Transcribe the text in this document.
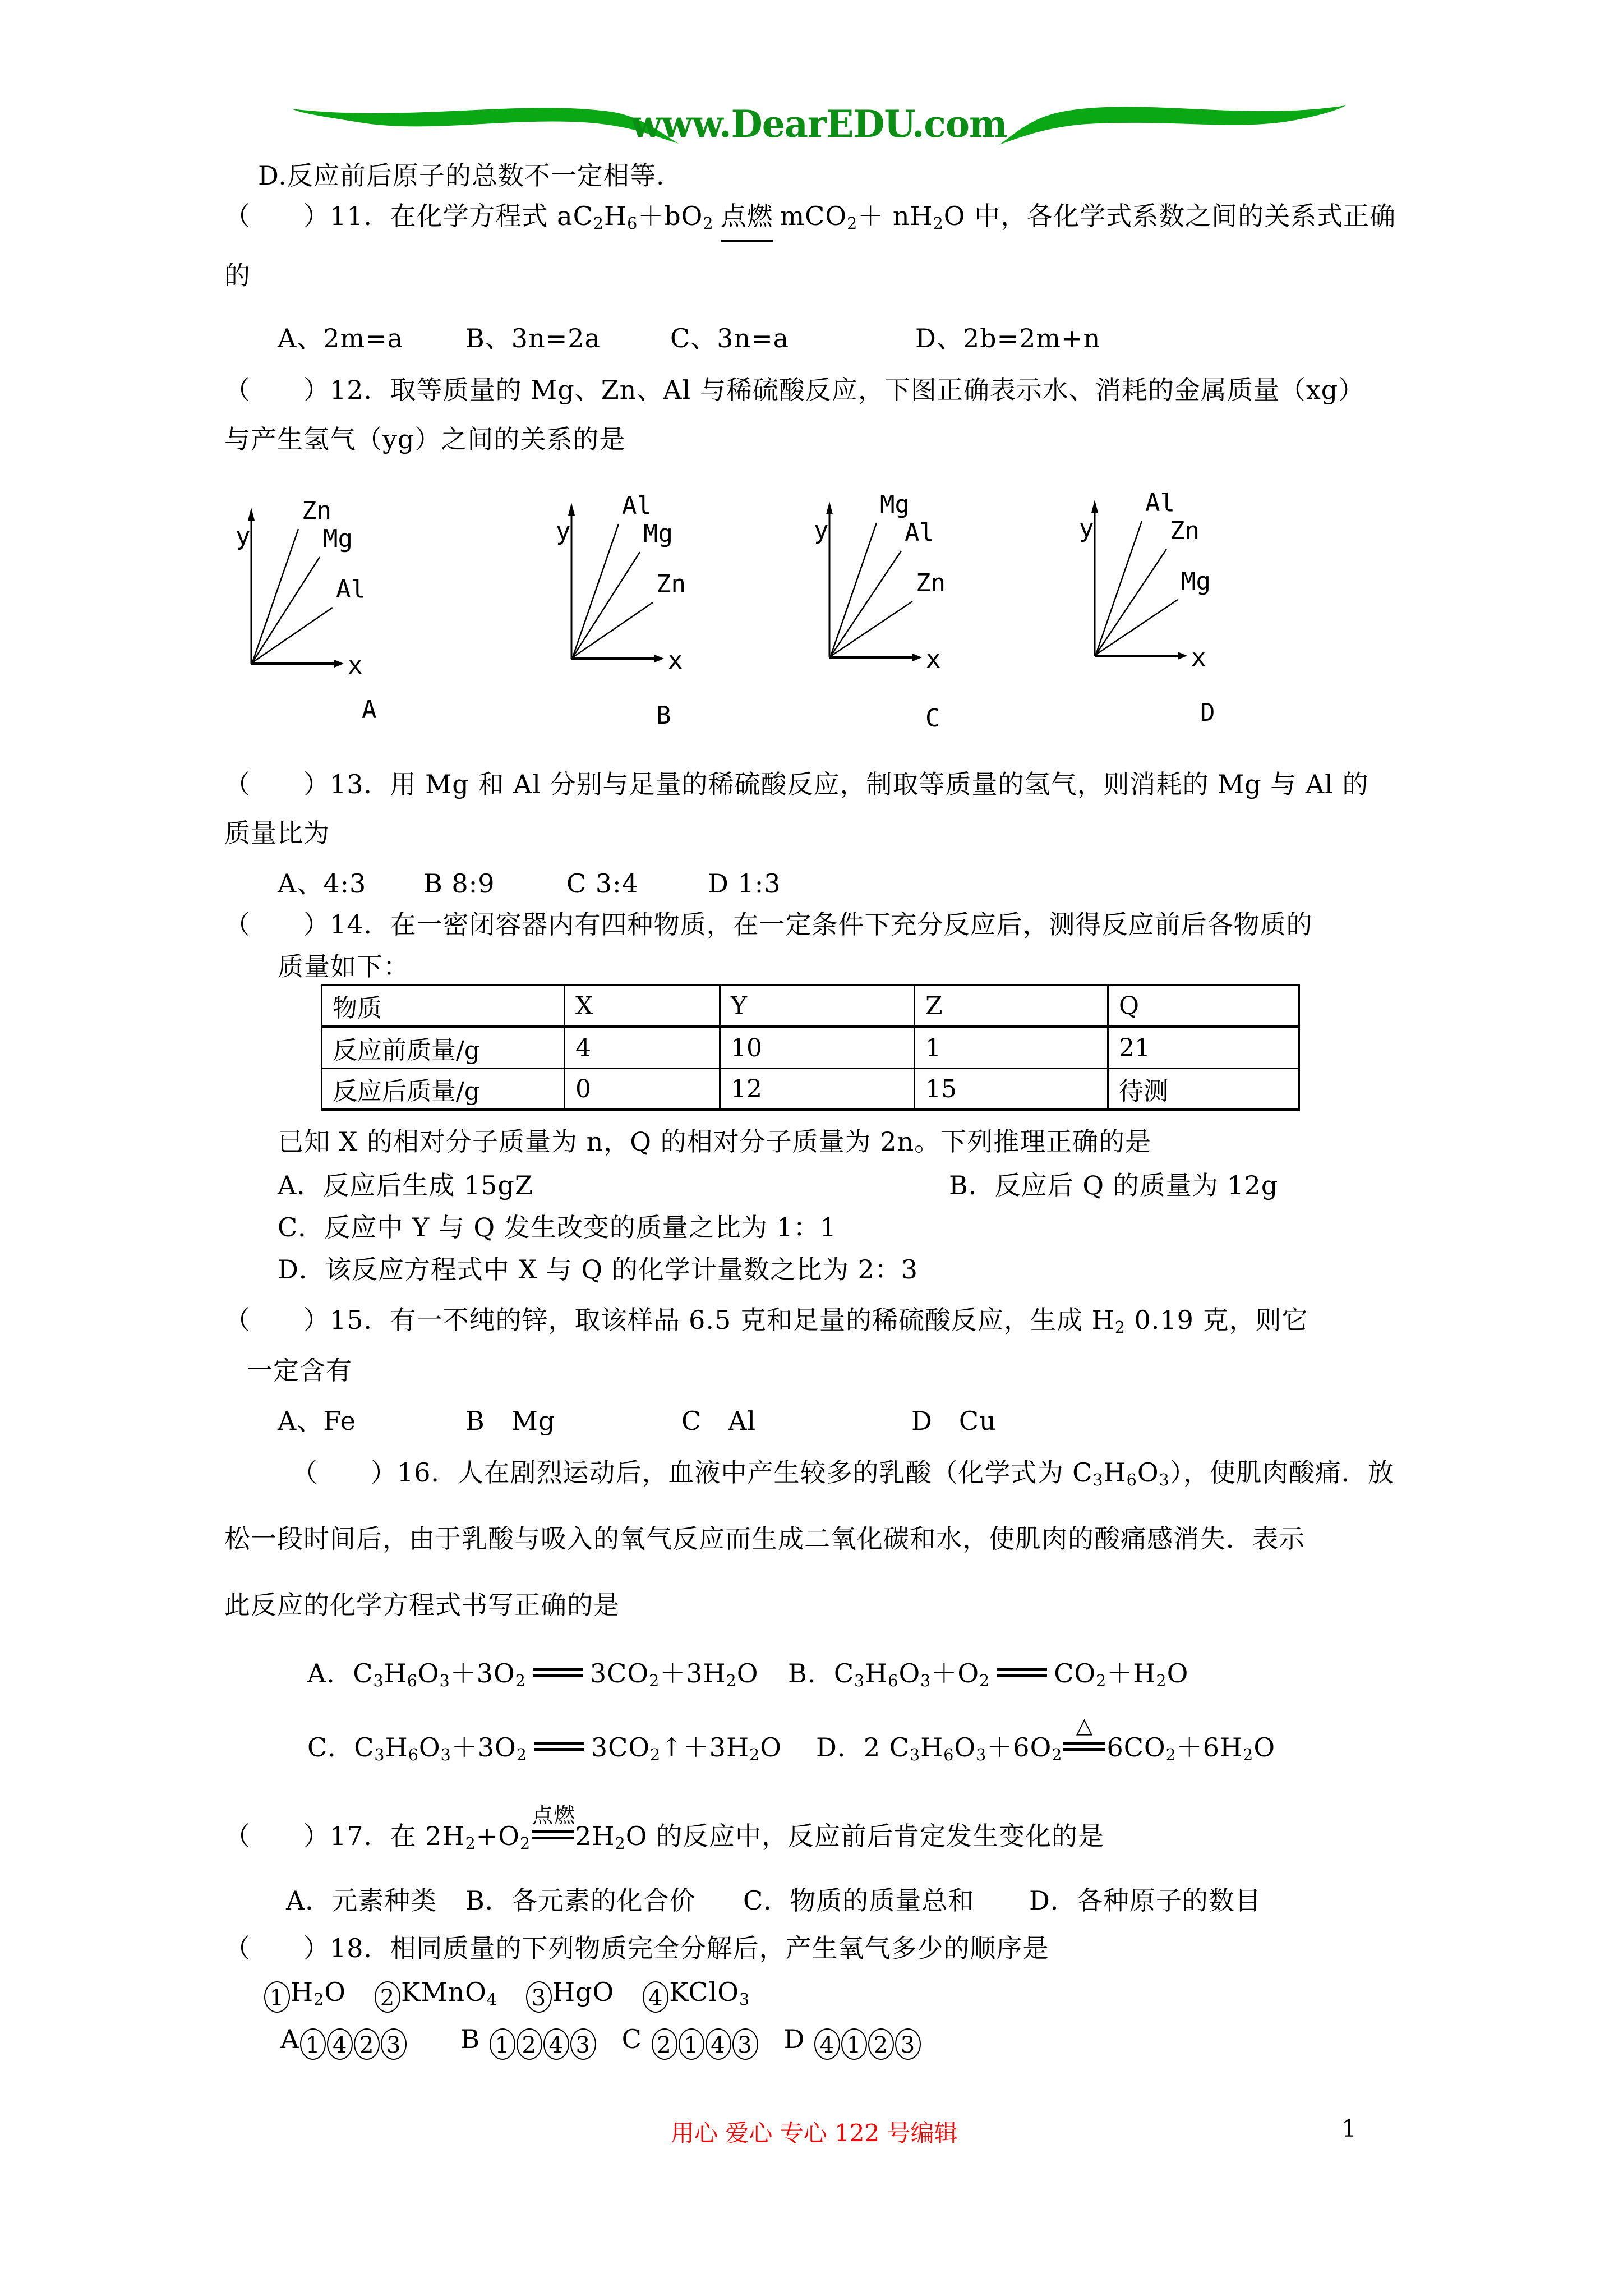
www.DearEDU.com
D.反应前后原子的总数不一定相等.
（　　）11．在化学方程式 $aC_2H_6+bO_2$ 点燃 $mCO_2+ nH_2O$ 中，各化学式系数之间的关系式正确
的
A、2m=a B、3n=2a	C、3n=a	D、2b=2m+n
（　　）12．取等质量的 Mg、Zn、Al 与稀硫酸反应，下图正确表示水、消耗的金属质量（xg）
与产生氢气（yg）之间的关系的是
Zn
Mg
Al
y
x
A
Al
Mg
Zn
y
x
B
Mg
Al
Zn
y
x
C
Al
Zn
Mg
y
x
D
（　　）13．用 Mg 和 Al 分别与足量的稀硫酸反应，制取等质量的氢气，则消耗的 Mg 与 Al 的
质量比为
A、4:3 B 8:9	C 3:4	D 1:3
（　　）14．在一密闭容器内有四种物质，在一定条件下充分反应后，测得反应前后各物质的
质量如下：
物质	X	Y	Z	Q
反应前质量/g	4	10	1	21
反应后质量/g	0	12	15	待测
已知 X 的相对分子质量为 n，Q 的相对分子质量为 2n。下列推理正确的是
A．反应后生成 15gZ	B．反应后 Q 的质量为 12g
C．反应中 Y 与 Q 发生改变的质量之比为 1：1
D．该反应方程式中 X 与 Q 的化学计量数之比为 2：3
（　　）15．有一不纯的锌，取该样品 6.5 克和足量的稀硫酸反应，生成 $H_2$ 0.19 克，则它
一定含有
A、Fe	B　Mg	C　Al	D　Cu
（　　）16．人在剧烈运动后，血液中产生较多的乳酸（化学式为 $C_3H_6O_3$），使肌肉酸痛．放
松一段时间后，由于乳酸与吸入的氧气反应而生成二氧化碳和水，使肌肉的酸痛感消失．表示
此反应的化学方程式书写正确的是
A．$C_3H_6O_3+3O_2$ $3CO_2+3H_2O$ B．$C_3H_6O_3+O_2$ $CO_2+H_2O$
C．$C_3H_6O_3+3O_2$ $3CO_2↑+3H_2O$ D．2 $C_3H_6O_3+6O_2$
△
$6CO_2+6H_2O$
（　　）17．在 $2H_2+O_2$
点燃
$2H_2O$ 的反应中，反应前后肯定发生变化的是
A．元素种类 B．各元素的化合价 C．物质的质量总和 D．各种原子的数目
（　　）18．相同质量的下列物质完全分解后，产生氧气多少的顺序是
1 $H_2O$ 2 KMnO$_4$ 3 HgO 4 KClO$_3$
A 1 4 2 3 B 1 2 4 3 C 2 1 4 3 D 4 1 2 3
用心 爱心 专心 122 号编辑	1
